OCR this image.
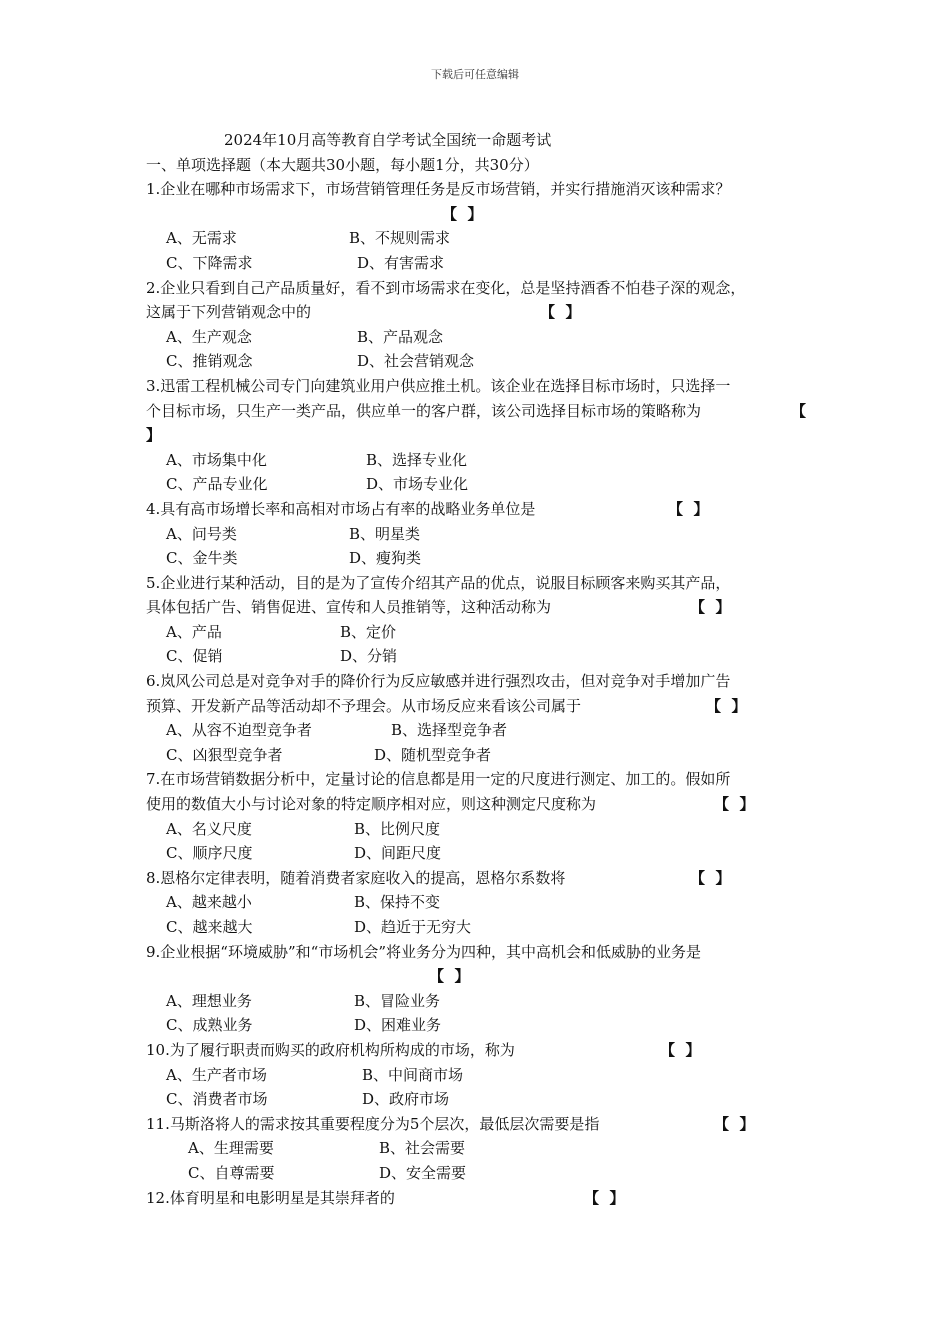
下载后可任意编辑
2024年10月高等教育自学考试全国统一命题考试
一、单项选择题（本大题共30小题，每小题1分，共30分）
1.企业在哪种市场需求下，市场营销管理任务是反市场营销，并实行措施消灭该种需求？
【  】
A、无需求	B、不规则需求
C、下降需求	D、有害需求
2.企业只看到自己产品质量好，看不到市场需求在变化，总是坚持酒香不怕巷子深的观念，
这属于下列营销观念中的	【  】
A、生产观念	B、产品观念
C、推销观念	D、社会营销观念
3.迅雷工程机械公司专门向建筑业用户供应推土机。该企业在选择目标市场时，只选择一
个目标市场，只生产一类产品，供应单一的客户群，该公司选择目标市场的策略称为	【
】
A、市场集中化	B、选择专业化
C、产品专业化	D、市场专业化
4.具有高市场增长率和高相对市场占有率的战略业务单位是	【  】
A、问号类	B、明星类
C、金牛类	D、瘦狗类
5.企业进行某种活动，目的是为了宣传介绍其产品的优点，说服目标顾客来购买其产品，
具体包括广告、销售促进、宣传和人员推销等，这种活动称为	【  】
A、产品	B、定价
C、促销	D、分销
6.岚风公司总是对竞争对手的降价行为反应敏感并进行强烈攻击，但对竞争对手增加广告
预算、开发新产品等活动却不予理会。从市场反应来看该公司属于	【  】
A、从容不迫型竞争者	B、选择型竞争者
C、凶狠型竞争者	D、随机型竞争者
7.在市场营销数据分析中，定量讨论的信息都是用一定的尺度进行测定、加工的。假如所
使用的数值大小与讨论对象的特定顺序相对应，则这种测定尺度称为	【  】
A、名义尺度	B、比例尺度
C、顺序尺度	D、间距尺度
8.恩格尔定律表明，随着消费者家庭收入的提高，恩格尔系数将	【  】
A、越来越小	B、保持不变
C、越来越大	D、趋近于无穷大
9.企业根据“环境威胁”和“市场机会”将业务分为四种，其中高机会和低威胁的业务是
【  】
A、理想业务	B、冒险业务
C、成熟业务	D、困难业务
10.为了履行职责而购买的政府机构所构成的市场，称为	【  】
A、生产者市场	B、中间商市场
C、消费者市场	D、政府市场
11.马斯洛将人的需求按其重要程度分为5个层次，最低层次需要是指	【  】
A、生理需要	B、社会需要
C、自尊需要	D、安全需要
12.体育明星和电影明星是其崇拜者的	【  】
